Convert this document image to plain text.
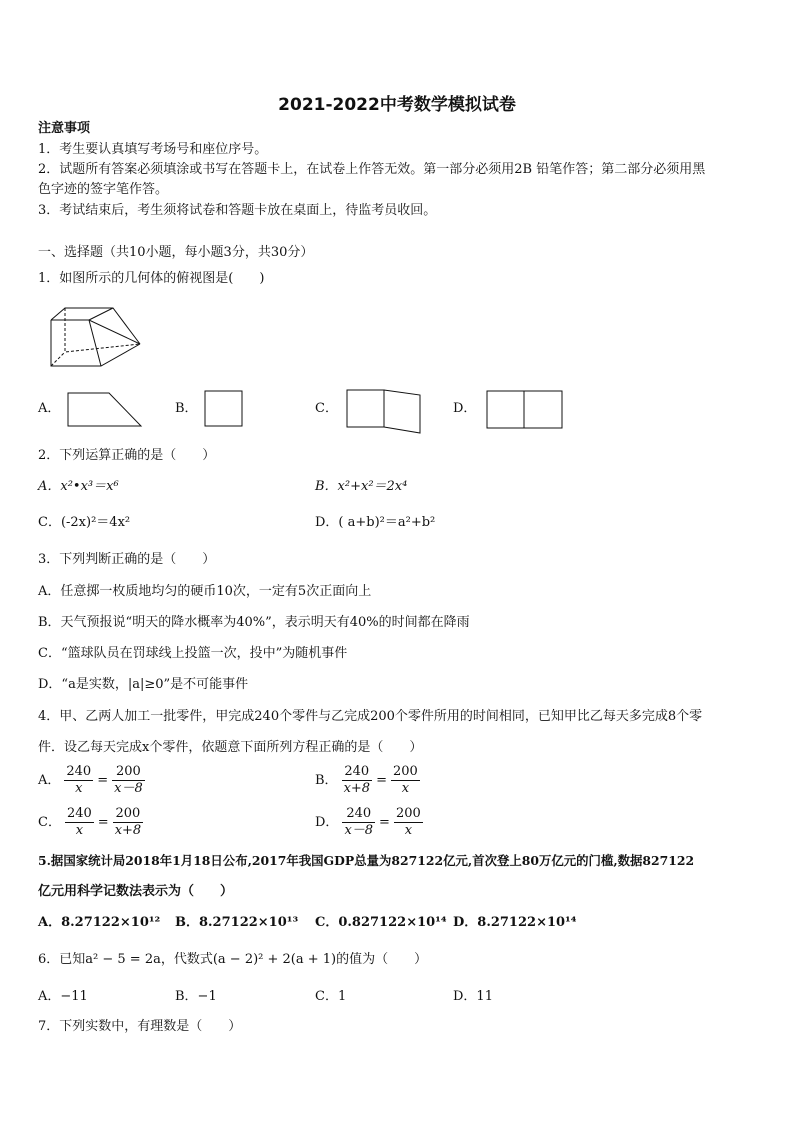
2021-2022中考数学模拟试卷
注意事项
1．考生要认真填写考场号和座位序号。
2．试题所有答案必须填涂或书写在答题卡上，在试卷上作答无效。第一部分必须用2B 铅笔作答；第二部分必须用黑
色字迹的签字笔作答。
3．考试结束后，考生须将试卷和答题卡放在桌面上，待监考员收回。
一、选择题（共10小题，每小题3分，共30分）
1．如图所示的几何体的俯视图是(　　)
A．	B．	C．	D．
2．下列运算正确的是（　　）
A．x²•x³＝x⁶	B．x²+x²＝2x⁴
C．(-2x)²＝4x²	D．( a+b)²＝a²+b²
3．下列判断正确的是（　　）
A．任意掷一枚质地均匀的硬币10次，一定有5次正面向上
B．天气预报说“明天的降水概率为40%”，表示明天有40%的时间都在降雨
C．“篮球队员在罚球线上投篮一次，投中”为随机事件
D．“a是实数，|a|≥0”是不可能事件
4．甲、乙两人加工一批零件，甲完成240个零件与乙完成200个零件所用的时间相同，已知甲比乙每天多完成8个零
件．设乙每天完成x个零件，依题意下面所列方程正确的是（　　）
A． $\frac{240}{x} = \frac{200}{x-8}$	B． $\frac{240}{x+8} = \frac{200}{x}$
C． $\frac{240}{x} = \frac{200}{x+8}$	D． $\frac{240}{x-8} = \frac{200}{x}$
5.据国家统计局2018年1月18日公布,2017年我国GDP总量为827122亿元,首次登上80万亿元的门槛,数据827122
亿元用科学记数法表示为（　　）
A．8.27122×10¹² B．8.27122×10¹³ C．0.827122×10¹⁴ D．8.27122×10¹⁴
6．已知a² − 5 = 2a，代数式(a − 2)² + 2(a + 1)的值为（　　）
A．−11	B．−1	C．1	D．11
7．下列实数中，有理数是（　　）
